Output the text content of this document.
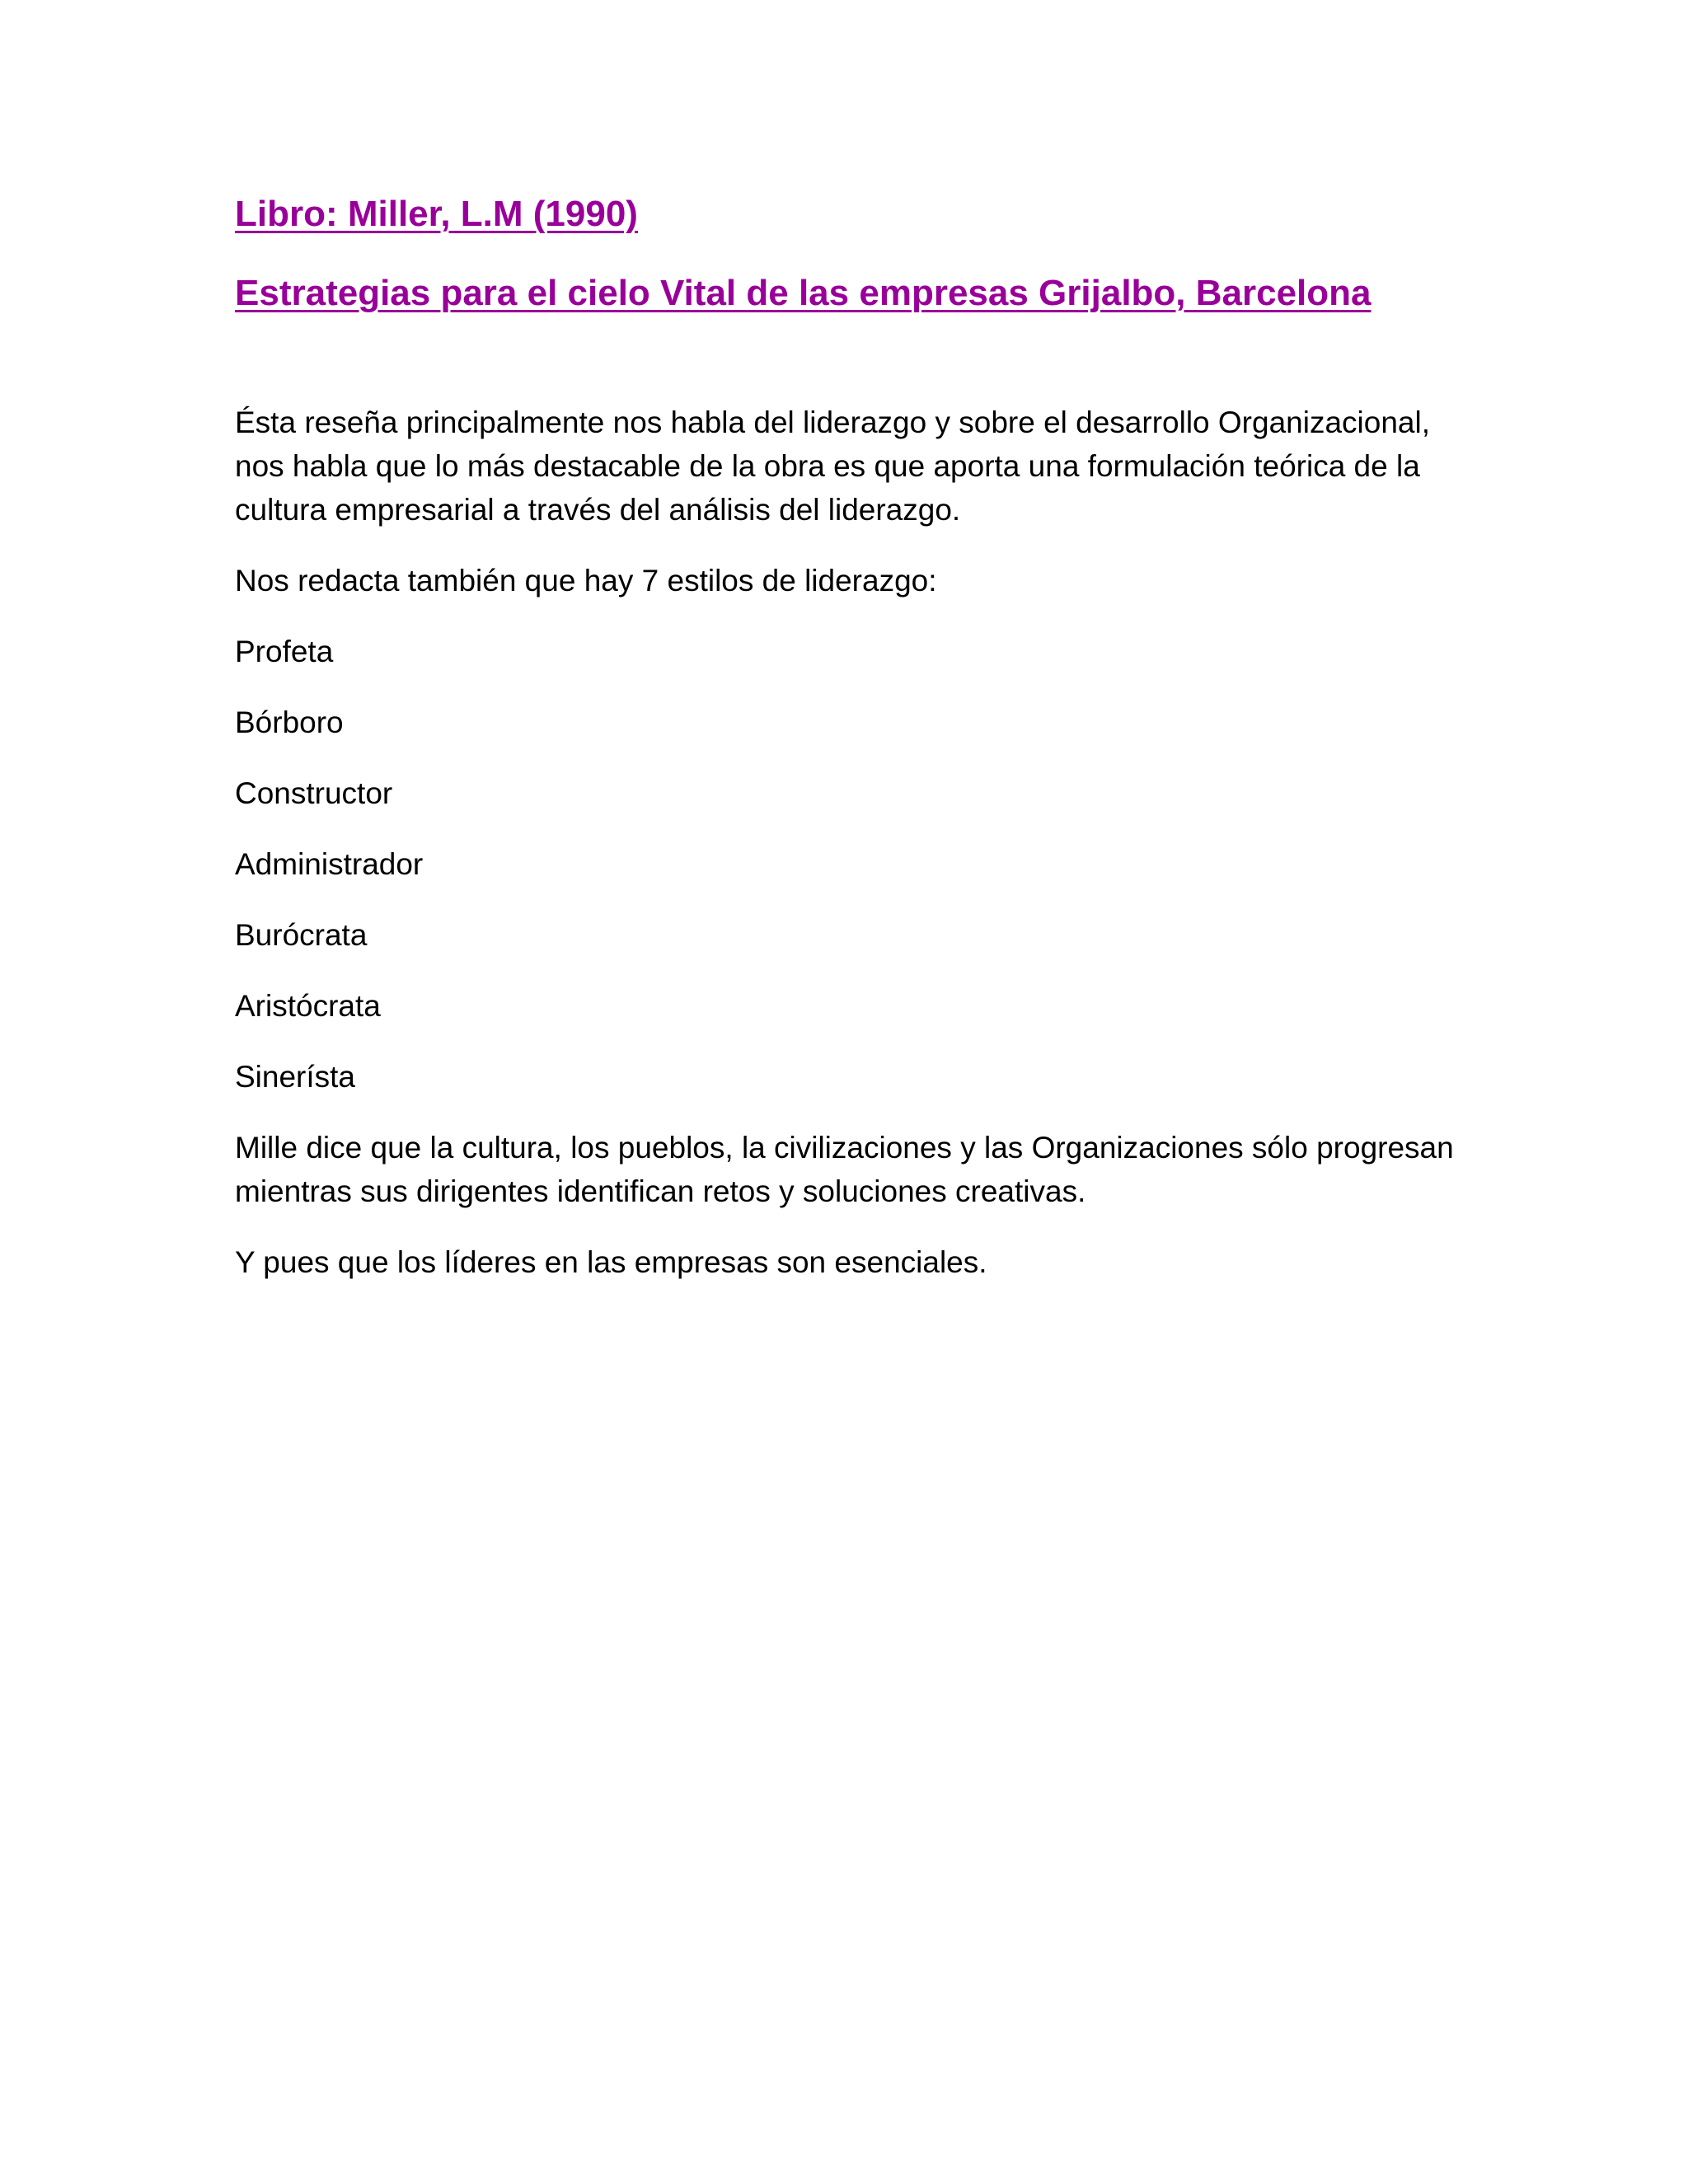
Libro: Miller, L.M (1990)

Estrategias para el cielo Vital de las empresas Grijalbo, Barcelona

Ésta reseña principalmente nos habla del liderazgo y sobre el desarrollo Organizacional, nos habla que lo más destacable de la obra es que aporta una formulación teórica de la cultura empresarial a través del análisis del liderazgo.

Nos redacta también que hay 7 estilos de liderazgo:

Profeta
Bórboro
Constructor
Administrador
Burócrata
Aristócrata
Sinerísta

Mille dice que la cultura, los pueblos, la civilizaciones y las Organizaciones sólo progresan mientras sus dirigentes identifican retos y soluciones creativas.

Y pues que los líderes en las empresas son esenciales.
